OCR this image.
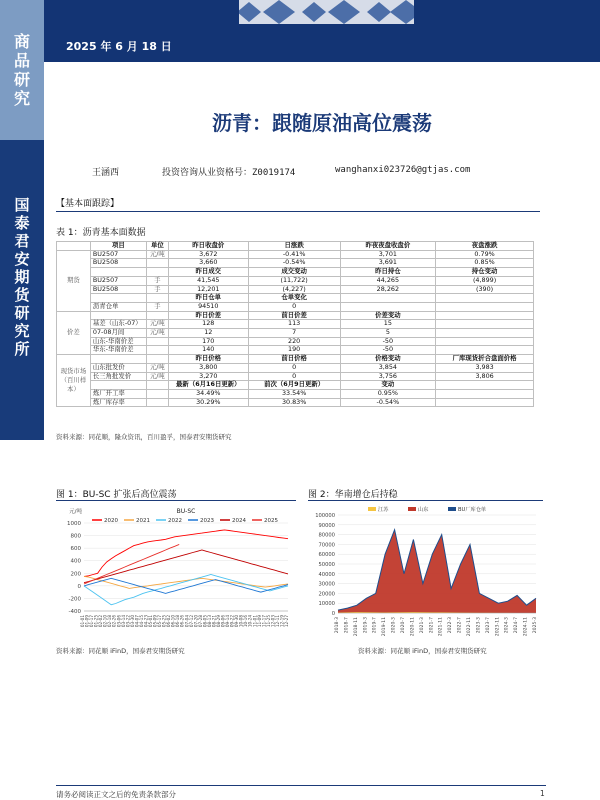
商
品
研
究
国
泰
君
安
期
货
研
究
所
2025 年 6 月 18 日
沥青：跟随原油高位震荡
王涵西	投资咨询从业资格号：Z0019174	wanghanxi023726@gtjas.com
【基本面跟踪】
表 1：沥青基本面数据
	项目	单位	昨日收盘价	日涨跌	昨夜夜盘收盘价	夜盘涨跌
期货	BU2507	元/吨	3,672	-0.41%	3,701	0.79%
	BU2508		3,660	-0.54%	3,691	0.85%
			昨日成交	成交变动	昨日持仓	持仓变动
	BU2507	手	41,545	(11,722)	44,265	(4,899)
	BU2508	手	12,201	(4,227)	28,262	(390)
			昨日仓单	仓单变化		
	沥青仓单	手	94510	0		
价差			昨日价差	前日价差	价差变动	
	基差（山东-07）	元/吨	128	113	15	
	07-08月间	元/吨	12	7	5	
	山东-华南价差		170	220	-50	
	华东-华南价差		140	190	-50	
现货市场
（百川样本）			昨日价格	前日价格	价格变动	厂库现货折合盘面价格
	山东批发价	元/吨	3,800	0	3,854	3,983
	长三角批发价	元/吨	3,270	0	3,756	3,806
			最新（6月16日更新）	前次（6月9日更新）	变动	
	炼厂开工率		34.49%	33.54%	0.95%	
	炼厂库存率		30.29%	30.83%	-0.54%	
资料来源：同花顺，隆众资讯，百川盈孚，国泰君安期货研究
图 1：BU-SC 扩张后高位震荡
元/吨	BU-SC
-400
-200
0
200
400
600
800
1000	2020	2021	2022	2023	2024	2025
01-01 01-09 01-17 01-25 02-02 02-10 02-18 02-26 03-06 03-14 03-22 03-30 04-07 04-15 04-23 05-01 05-09 05-17 05-25 06-02 06-10 06-18 06-26 07-04 07-12 07-20 07-28 08-05 08-13 08-21 08-29 09-06 09-14 09-22 09-30 10-08 10-16 10-24 11-01 11-09 11-17 11-25 12-03 12-11 12-19 12-27
资料来源：同花顺 iFinD，国泰君安期货研究
图 2：华南增仓后持稳
0
10000
20000
30000
40000
50000
60000
70000
80000
90000
100000
江苏	山东	BU厂库仓单
2018-3 2018-7 2018-11 2019-3 2019-7 2019-11 2020-3 2020-7 2020-11 2021-3 2021-7 2021-11 2022-3 2022-7 2022-11 2023-3 2023-7 2023-11 2024-3 2024-7 2024-11 2025-3
资料来源：同花顺 iFinD，国泰君安期货研究
请务必阅读正文之后的免责条款部分	1
